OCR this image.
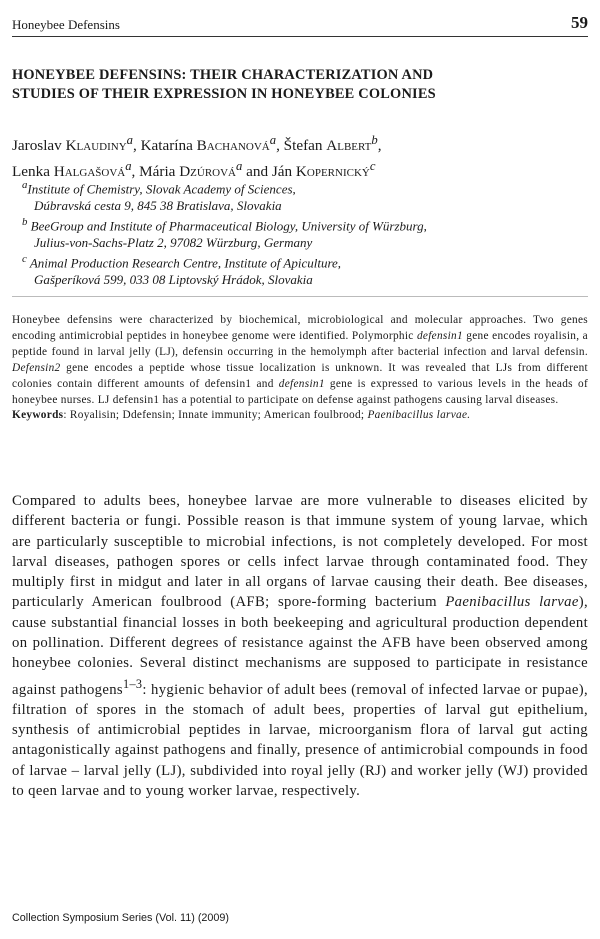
Honeybee Defensins	59
HONEYBEE DEFENSINS: THEIR CHARACTERIZATION AND
STUDIES OF THEIR EXPRESSION IN HONEYBEE COLONIES
Jaroslav Klaudiny$^a$, Katarína Bachanová$^a$, Štefan Albert$^b$,
Lenka Halgašová$^a$, Mária Dzúrová$^a$ and Ján Kopernický$^c$
$^a$Institute of Chemistry, Slovak Academy of Sciences,
Dúbravská cesta 9, 845 38 Bratislava, Slovakia
$^b$ BeeGroup and Institute of Pharmaceutical Biology, University of Würzburg,
Julius-von-Sachs-Platz 2, 97082 Würzburg, Germany
$^c$ Animal Production Research Centre, Institute of Apiculture,
Gašperíková 599, 033 08 Liptovský Hrádok, Slovakia
Honeybee defensins were characterized by biochemical, microbiological and molecular approaches. Two genes encoding antimicrobial peptides in honeybee genome were identified. Polymorphic defensin1 gene encodes royalisin, a peptide found in larval jelly (LJ), defensin occurring in the hemolymph after bacterial infection and larval defensin. Defensin2 gene encodes a peptide whose tissue localization is unknown. It was revealed that LJs from different colonies contain different amounts of defensin1 and defensin1 gene is expressed to various levels in the heads of honeybee nurses. LJ defensin1 has a potential to participate on defense against pathogens causing larval diseases.
Keywords: Royalisin; Ddefensin; Innate immunity; American foulbrood; Paenibacillus larvae.
Compared to adults bees, honeybee larvae are more vulnerable to diseases elicited by different bacteria or fungi. Possible reason is that immune system of young larvae, which are particularly susceptible to microbial infections, is not completely developed. For most larval diseases, pathogen spores or cells infect larvae through contaminated food. They multiply first in midgut and later in all organs of larvae causing their death. Bee diseases, particularly American foulbrood (AFB; spore-forming bacterium Paenibacillus larvae), cause substantial financial losses in both beekeeping and agricultural production dependent on pollination. Different degrees of resistance against the AFB have been observed among honeybee colonies. Several distinct mechanisms are supposed to participate in resistance against pathogens$^{1-3}$: hygienic behavior of adult bees (removal of infected larvae or pupae), filtration of spores in the stomach of adult bees, properties of larval gut epithelium, synthesis of antimicrobial peptides in larvae, microorganism flora of larval gut acting antagonistically against pathogens and finally, presence of antimicrobial compounds in food of larvae – larval jelly (LJ), subdivided into royal jelly (RJ) and worker jelly (WJ) provided to qeen larvae and to young worker larvae, respectively.
Collection Symposium Series (Vol. 11) (2009)
